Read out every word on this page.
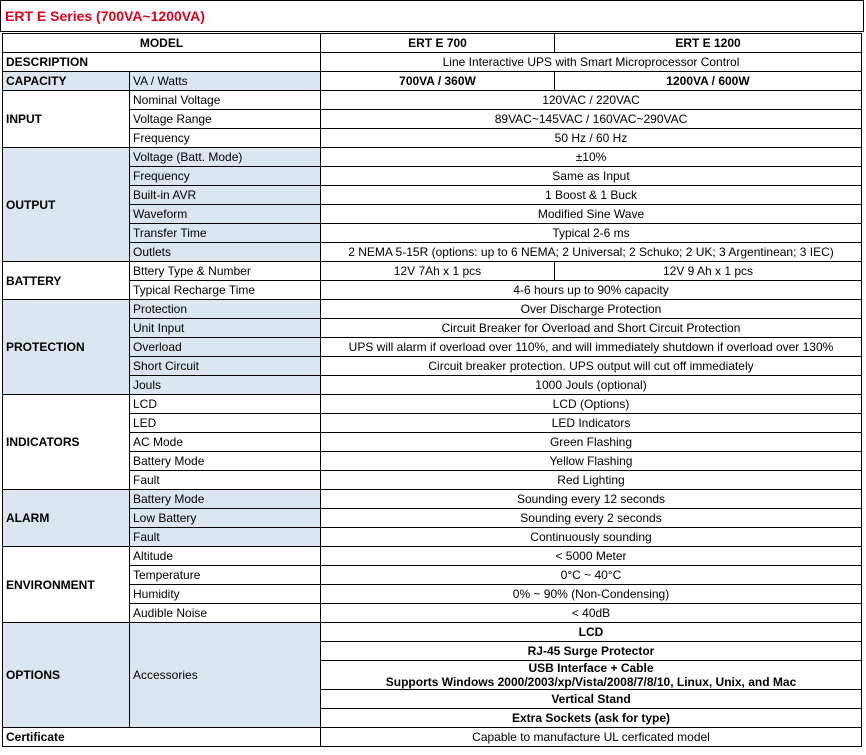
ERT E Series (700VA~1200VA)
MODEL		ERT E 700	ERT E 1200
DESCRIPTION		Line Interactive UPS with Smart Microprocessor Control	
CAPACITY	VA / Watts	700VA / 360W	1200VA / 600W
INPUT	Nominal Voltage	120VAC / 220VAC	
	Voltage Range	89VAC~145VAC / 160VAC~290VAC	
	Frequency	50 Hz / 60 Hz	
OUTPUT	Voltage (Batt. Mode)	±10%	
	Frequency	Same as Input	
	Built-in AVR	1 Boost & 1 Buck	
	Waveform	Modified Sine Wave	
	Transfer Time	Typical 2-6 ms	
	Outlets	2 NEMA 5-15R (options: up to 6 NEMA; 2 Universal; 2 Schuko; 2 UK; 3 Argentinean; 3 IEC)	
BATTERY	Bttery Type & Number	12V 7Ah x 1 pcs	12V 9 Ah x 1 pcs
	Typical Recharge Time	4-6 hours up to 90% capacity	
PROTECTION	Protection	Over Discharge Protection	
	Unit Input	Circuit Breaker for Overload and Short Circuit Protection	
	Overload	UPS will alarm if overload over 110%, and will immediately shutdown if overload over 130%	
	Short Circuit	Circuit breaker protection. UPS output will cut off immediately	
	Jouls	1000 Jouls (optional)	
INDICATORS	LCD	LCD (Options)	
	LED	LED Indicators	
	AC Mode	Green Flashing	
	Battery Mode	Yellow Flashing	
	Fault	Red Lighting	
ALARM	Battery Mode	Sounding every 12 seconds	
	Low Battery	Sounding every 2 seconds	
	Fault	Continuously sounding	
ENVIRONMENT	Altitude	< 5000 Meter	
	Temperature	0°C ~ 40°C	
	Humidity	0% ~ 90% (Non-Condensing)	
	Audible Noise	< 40dB	
OPTIONS	Accessories	LCD	
		RJ-45 Surge Protector	

		USB Interface + Cable
Supports Windows 2000/2003/xp/Vista/2008/7/8/10, Linux, Unix, and Mac	

		Vertical Stand	
		Extra Sockets (ask for type)	
Certificate		Capable to manufacture UL cerficated model	
